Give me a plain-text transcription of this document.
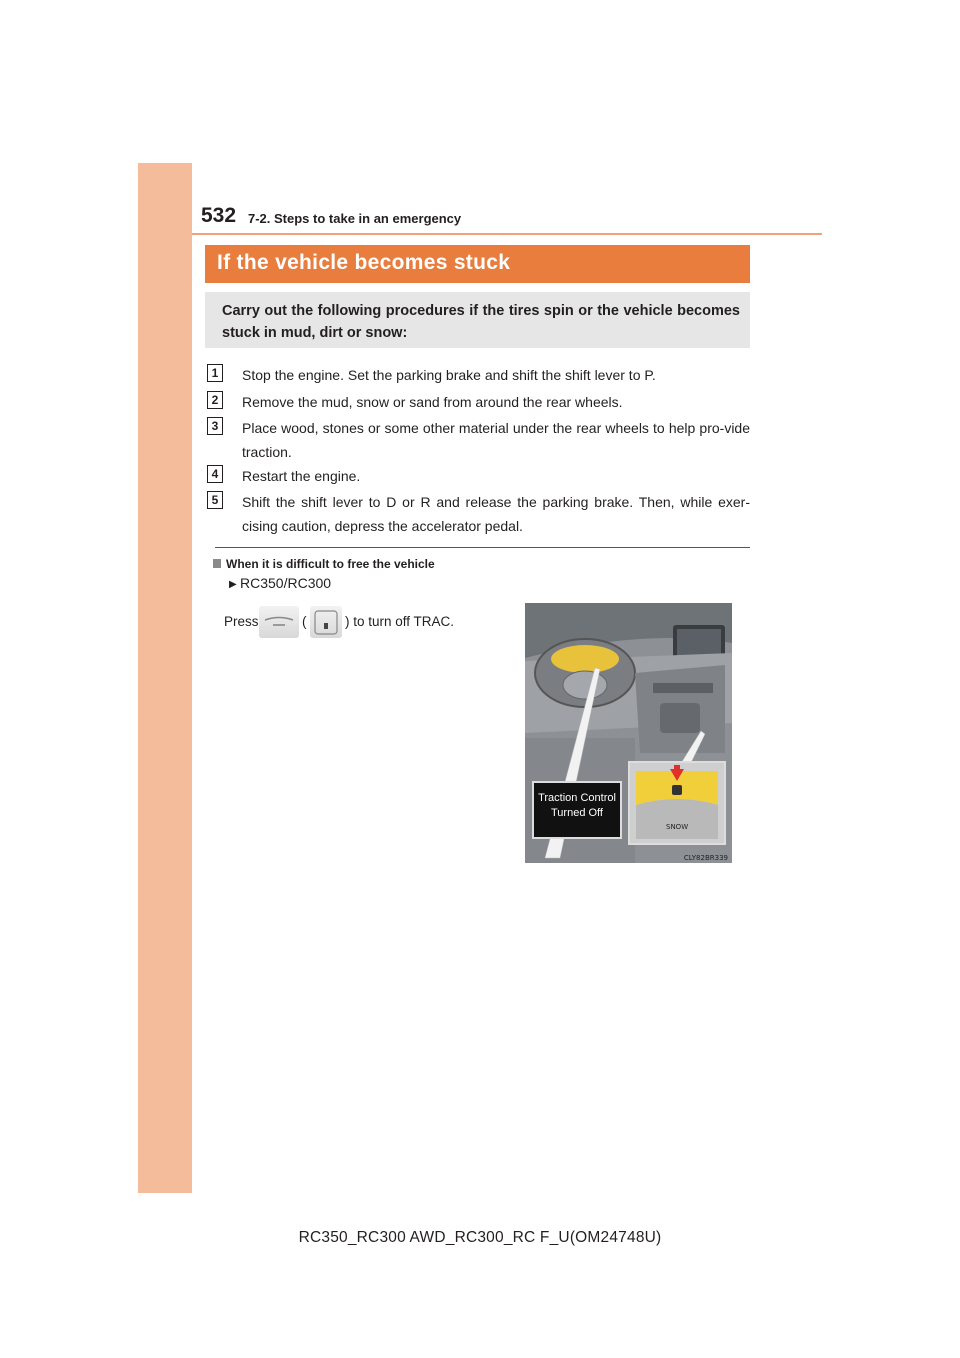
532 7-2. Steps to take in an emergency
If the vehicle becomes stuck
Carry out the following procedures if the tires spin or the vehicle becomes stuck in mud, dirt or snow:
1	Stop the engine. Set the parking brake and shift the shift lever to P.
2	Remove the mud, snow or sand from around the rear wheels.
3	Place wood, stones or some other material under the rear wheels to help pro-vide traction.
4	Restart the engine.
5	Shift the shift lever to D or R and release the parking brake. Then, while exer-cising caution, depress the accelerator pedal.
When it is difficult to free the vehicle
▶ RC350/RC300
Press	(	) to turn off TRAC.
Traction Control
Turned Off
SNOW
CLY82BR339
RC350_RC300 AWD_RC300_RC F_U(OM24748U)
